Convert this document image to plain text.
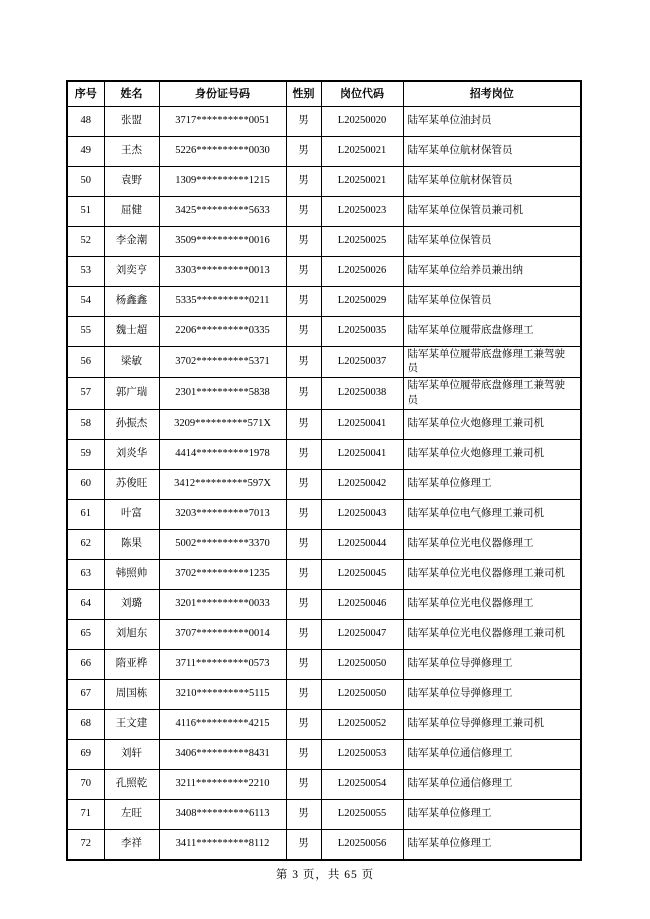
序号	姓名	身份证号码	性别	岗位代码	招考岗位
48	张盟	3717**********0051	男	L20250020	陆军某单位油封员
49	王杰	5226**********0030	男	L20250021	陆军某单位航材保管员
50	袁野	1309**********1215	男	L20250021	陆军某单位航材保管员
51	屈健	3425**********5633	男	L20250023	陆军某单位保管员兼司机
52	李金潮	3509**********0016	男	L20250025	陆军某单位保管员
53	刘奕亨	3303**********0013	男	L20250026	陆军某单位给养员兼出纳
54	杨鑫鑫	5335**********0211	男	L20250029	陆军某单位保管员
55	魏士超	2206**********0335	男	L20250035	陆军某单位履带底盘修理工
56	梁敏	3702**********5371	男	L20250037	陆军某单位履带底盘修理工兼驾驶员
57	郭广瑞	2301**********5838	男	L20250038	陆军某单位履带底盘修理工兼驾驶员
58	孙振杰	3209**********571X	男	L20250041	陆军某单位火炮修理工兼司机
59	刘炎华	4414**********1978	男	L20250041	陆军某单位火炮修理工兼司机
60	苏俊旺	3412**********597X	男	L20250042	陆军某单位修理工
61	叶富	3203**********7013	男	L20250043	陆军某单位电气修理工兼司机
62	陈果	5002**********3370	男	L20250044	陆军某单位光电仪器修理工
63	韩照帅	3702**********1235	男	L20250045	陆军某单位光电仪器修理工兼司机
64	刘璐	3201**********0033	男	L20250046	陆军某单位光电仪器修理工
65	刘旭东	3707**********0014	男	L20250047	陆军某单位光电仪器修理工兼司机
66	隋亚桦	3711**********0573	男	L20250050	陆军某单位导弹修理工
67	周国栋	3210**********5115	男	L20250050	陆军某单位导弹修理工
68	王文建	4116**********4215	男	L20250052	陆军某单位导弹修理工兼司机
69	刘轩	3406**********8431	男	L20250053	陆军某单位通信修理工
70	孔照乾	3211**********2210	男	L20250054	陆军某单位通信修理工
71	左旺	3408**********6113	男	L20250055	陆军某单位修理工
72	李祥	3411**********8112	男	L20250056	陆军某单位修理工
第 3 页，共 65 页
